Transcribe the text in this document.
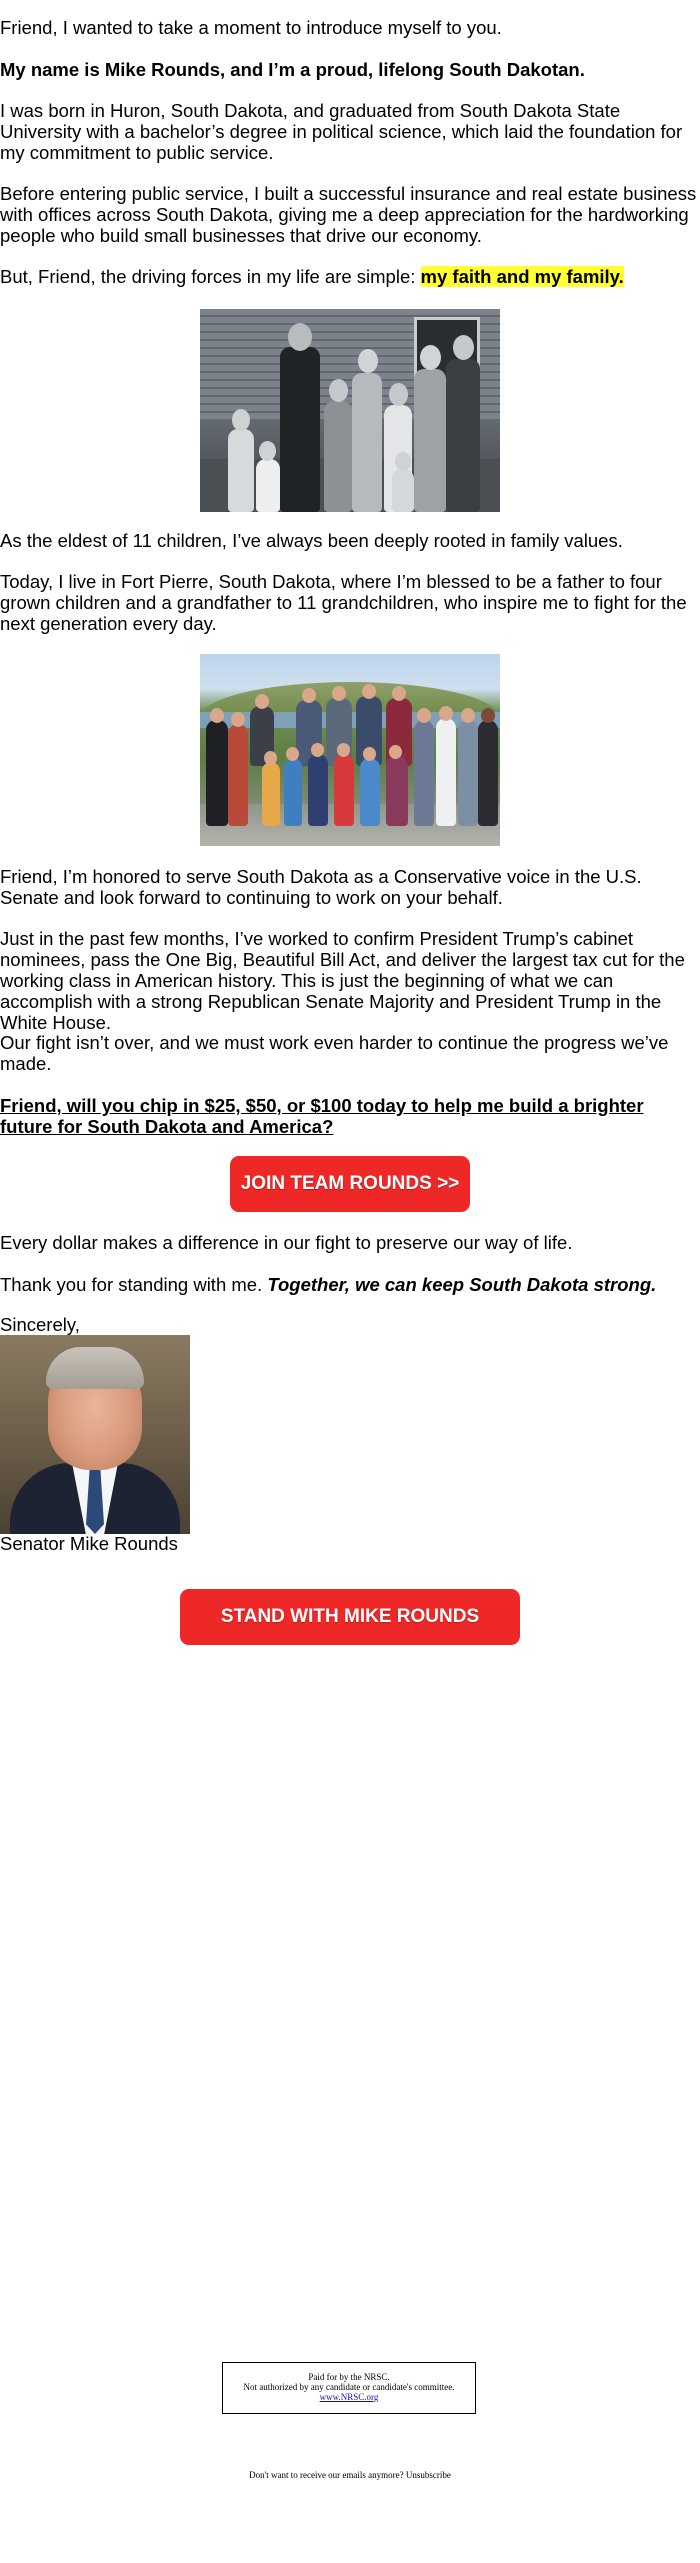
Friend, I wanted to take a moment to introduce myself to you.

My name is Mike Rounds, and I’m a proud, lifelong South Dakotan.

I was born in Huron, South Dakota, and graduated from South Dakota State University with a bachelor’s degree in political science, which laid the foundation for my commitment to public service.

Before entering public service, I built a successful insurance and real estate business with offices across South Dakota, giving me a deep appreciation for the hardworking people who build small businesses that drive our economy.

But, Friend, the driving forces in my life are simple: my faith and my family.

As the eldest of 11 children, I’ve always been deeply rooted in family values.

Today, I live in Fort Pierre, South Dakota, where I’m blessed to be a father to four grown children and a grandfather to 11 grandchildren, who inspire me to fight for the next generation every day.

Friend, I’m honored to serve South Dakota as a Conservative voice in the U.S. Senate and look forward to continuing to work on your behalf.

Just in the past few months, I’ve worked to confirm President Trump’s cabinet nominees, pass the One Big, Beautiful Bill Act, and deliver the largest tax cut for the working class in American history. This is just the beginning of what we can accomplish with a strong Republican Senate Majority and President Trump in the White House.

Our fight isn’t over, and we must work even harder to continue the progress we’ve made.

Friend, will you chip in $25, $50, or $100 today to help me build a brighter future for South Dakota and America?

JOIN TEAM ROUNDS >>

Every dollar makes a difference in our fight to preserve our way of life.

Thank you for standing with me. Together, we can keep South Dakota strong.

Sincerely,

Senator Mike Rounds

STAND WITH MIKE ROUNDS
Paid for by the NRSC.
Not authorized by any candidate or candidate's committee.
www.NRSC.org
Don't want to receive our emails anymore? Unsubscribe
